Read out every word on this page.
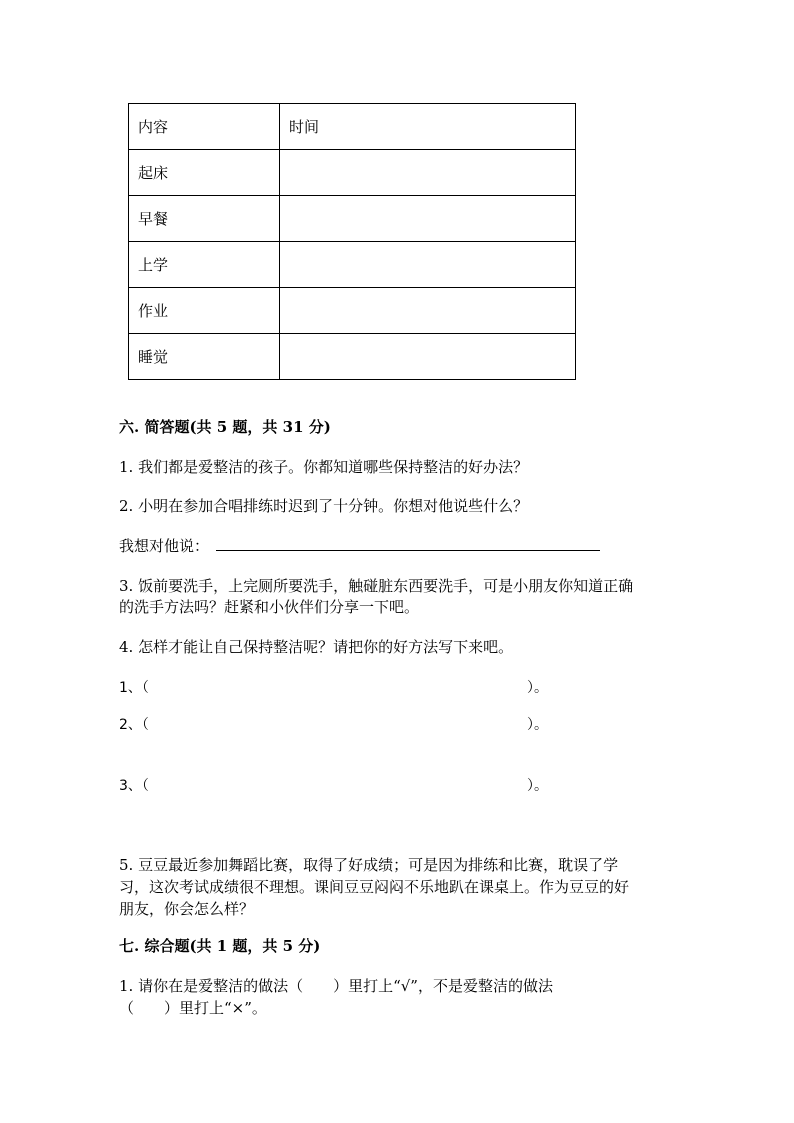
内容	时间
起床	
早餐	
上学	
作业	
睡觉	
六. 简答题(共 5 题，共 31 分)
1. 我们都是爱整洁的孩子。你都知道哪些保持整洁的好办法？
2. 小明在参加合唱排练时迟到了十分钟。你想对他说些什么？
我想对他说：
3. 饭前要洗手，上完厕所要洗手，触碰脏东西要洗手，可是小朋友你知道正确
的洗手方法吗？赶紧和小伙伴们分享一下吧。
4. 怎样才能让自己保持整洁呢？请把你的好方法写下来吧。
1、（	）。
2、（	）。
3、（	）。
5. 豆豆最近参加舞蹈比赛，取得了好成绩；可是因为排练和比赛，耽误了学
习，这次考试成绩很不理想。课间豆豆闷闷不乐地趴在课桌上。作为豆豆的好
朋友，你会怎么样？
七. 综合题(共 1 题，共 5 分)
1. 请你在是爱整洁的做法（　　）里打上“√”，不是爱整洁的做法
（　　）里打上“×”。
